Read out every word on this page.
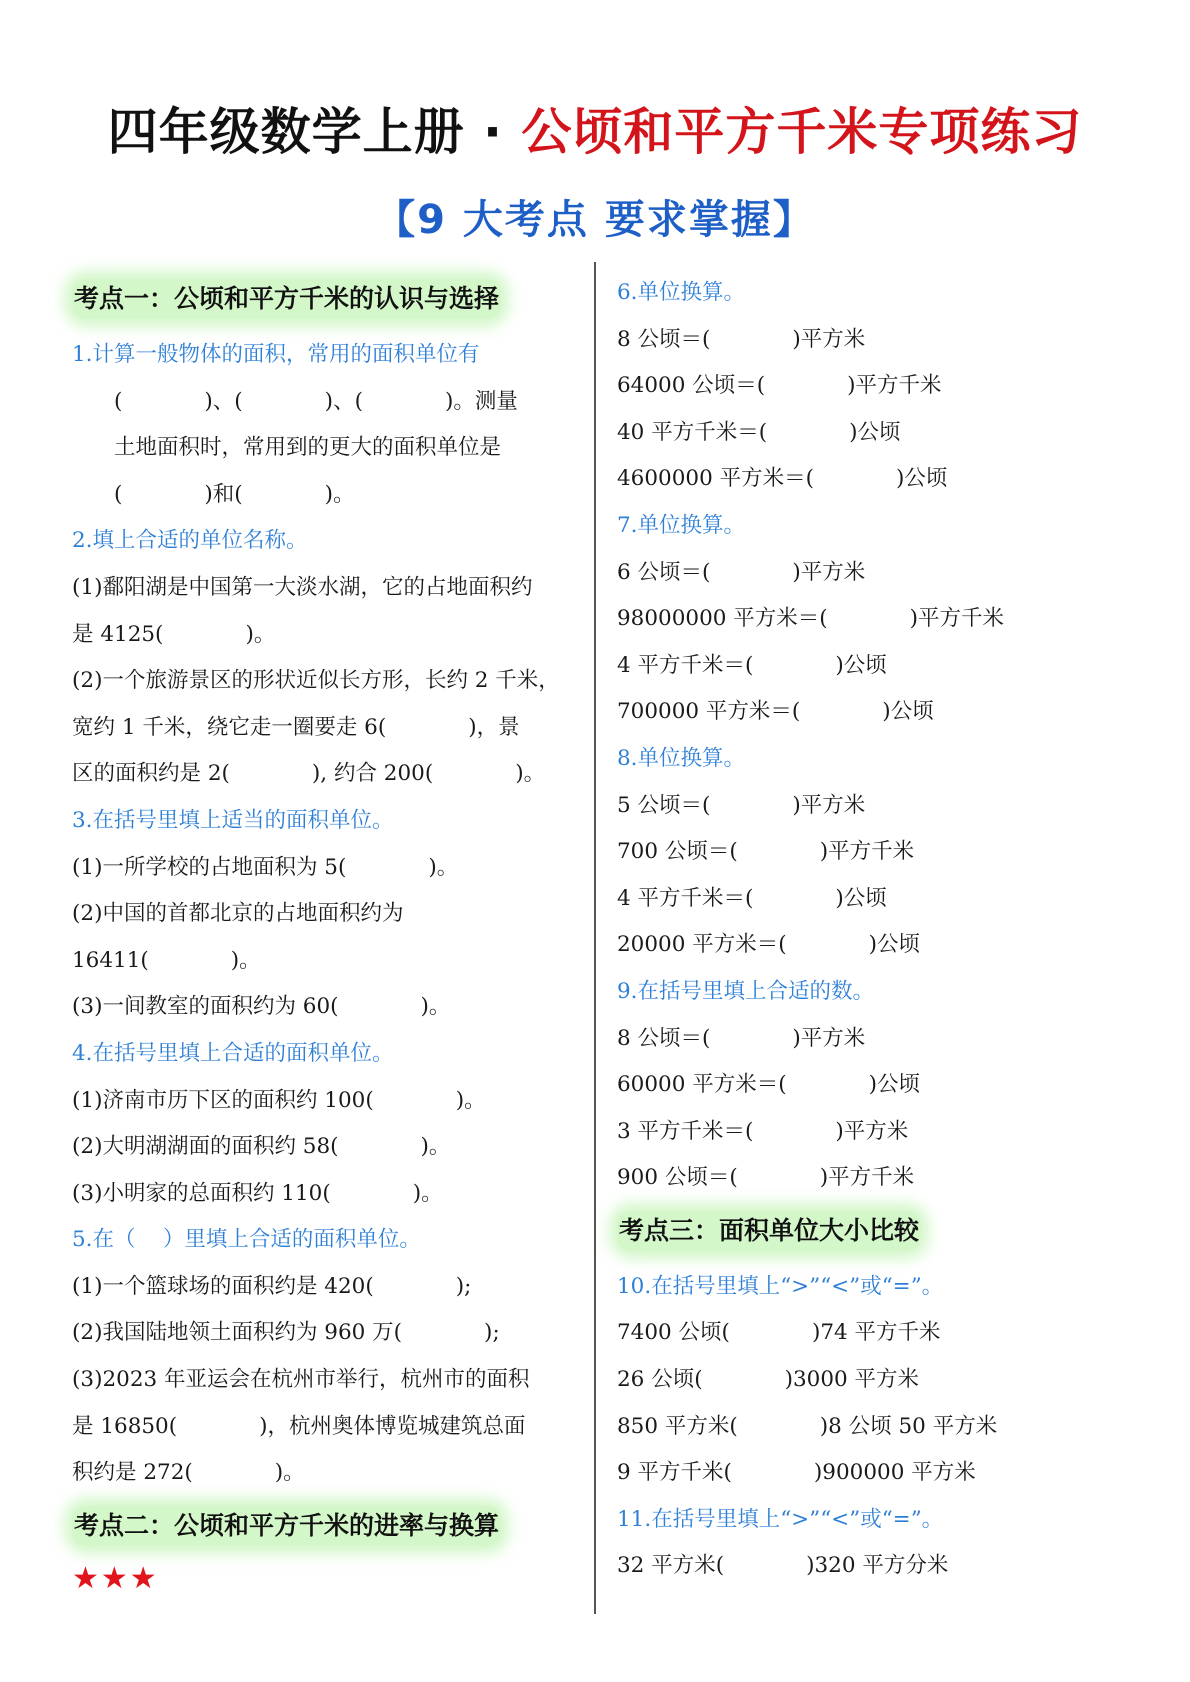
四年级数学上册 · 公顷和平方千米专项练习
【9 大考点 要求掌握】
考点一：公顷和平方千米的认识与选择
1.计算一般物体的面积，常用的面积单位有
(            )、(            )、(            )。测量
土地面积时，常用到的更大的面积单位是
(            )和(            )。
2.填上合适的单位名称。
(1)鄱阳湖是中国第一大淡水湖，它的占地面积约
是 4125(            )。
(2)一个旅游景区的形状近似长方形，长约 2 千米，
宽约 1 千米，绕它走一圈要走 6(            )，景
区的面积约是 2(            ), 约合 200(            )。
3.在括号里填上适当的面积单位。
(1)一所学校的占地面积为 5(            )。
(2)中国的首都北京的占地面积约为
16411(            )。
(3)一间教室的面积约为 60(            )。
4.在括号里填上合适的面积单位。
(1)济南市历下区的面积约 100(            )。
(2)大明湖湖面的面积约 58(            )。
(3)小明家的总面积约 110(            )。
5.在（    ）里填上合适的面积单位。
(1)一个篮球场的面积约是 420(            );
(2)我国陆地领土面积约为 960 万(            );
(3)2023 年亚运会在杭州市举行，杭州市的面积
是 16850(            )，杭州奥体博览城建筑总面
积约是 272(            )。
考点二：公顷和平方千米的进率与换算
★★★
6.单位换算。
8 公顷＝(            )平方米
64000 公顷＝(            )平方千米
40 平方千米＝(            )公顷
4600000 平方米＝(            )公顷
7.单位换算。
6 公顷＝(            )平方米
98000000 平方米＝(            )平方千米
4 平方千米＝(            )公顷
700000 平方米＝(            )公顷
8.单位换算。
5 公顷＝(            )平方米
700 公顷＝(            )平方千米
4 平方千米＝(            )公顷
20000 平方米＝(            )公顷
9.在括号里填上合适的数。
8 公顷＝(            )平方米
60000 平方米＝(            )公顷
3 平方千米＝(            )平方米
900 公顷＝(            )平方千米
考点三：面积单位大小比较
10.在括号里填上“>”“<”或“=”。
7400 公顷(            )74 平方千米
26 公顷(            )3000 平方米
850 平方米(            )8 公顷 50 平方米
9 平方千米(            )900000 平方米
11.在括号里填上“>”“<”或“=”。
32 平方米(            )320 平方分米
